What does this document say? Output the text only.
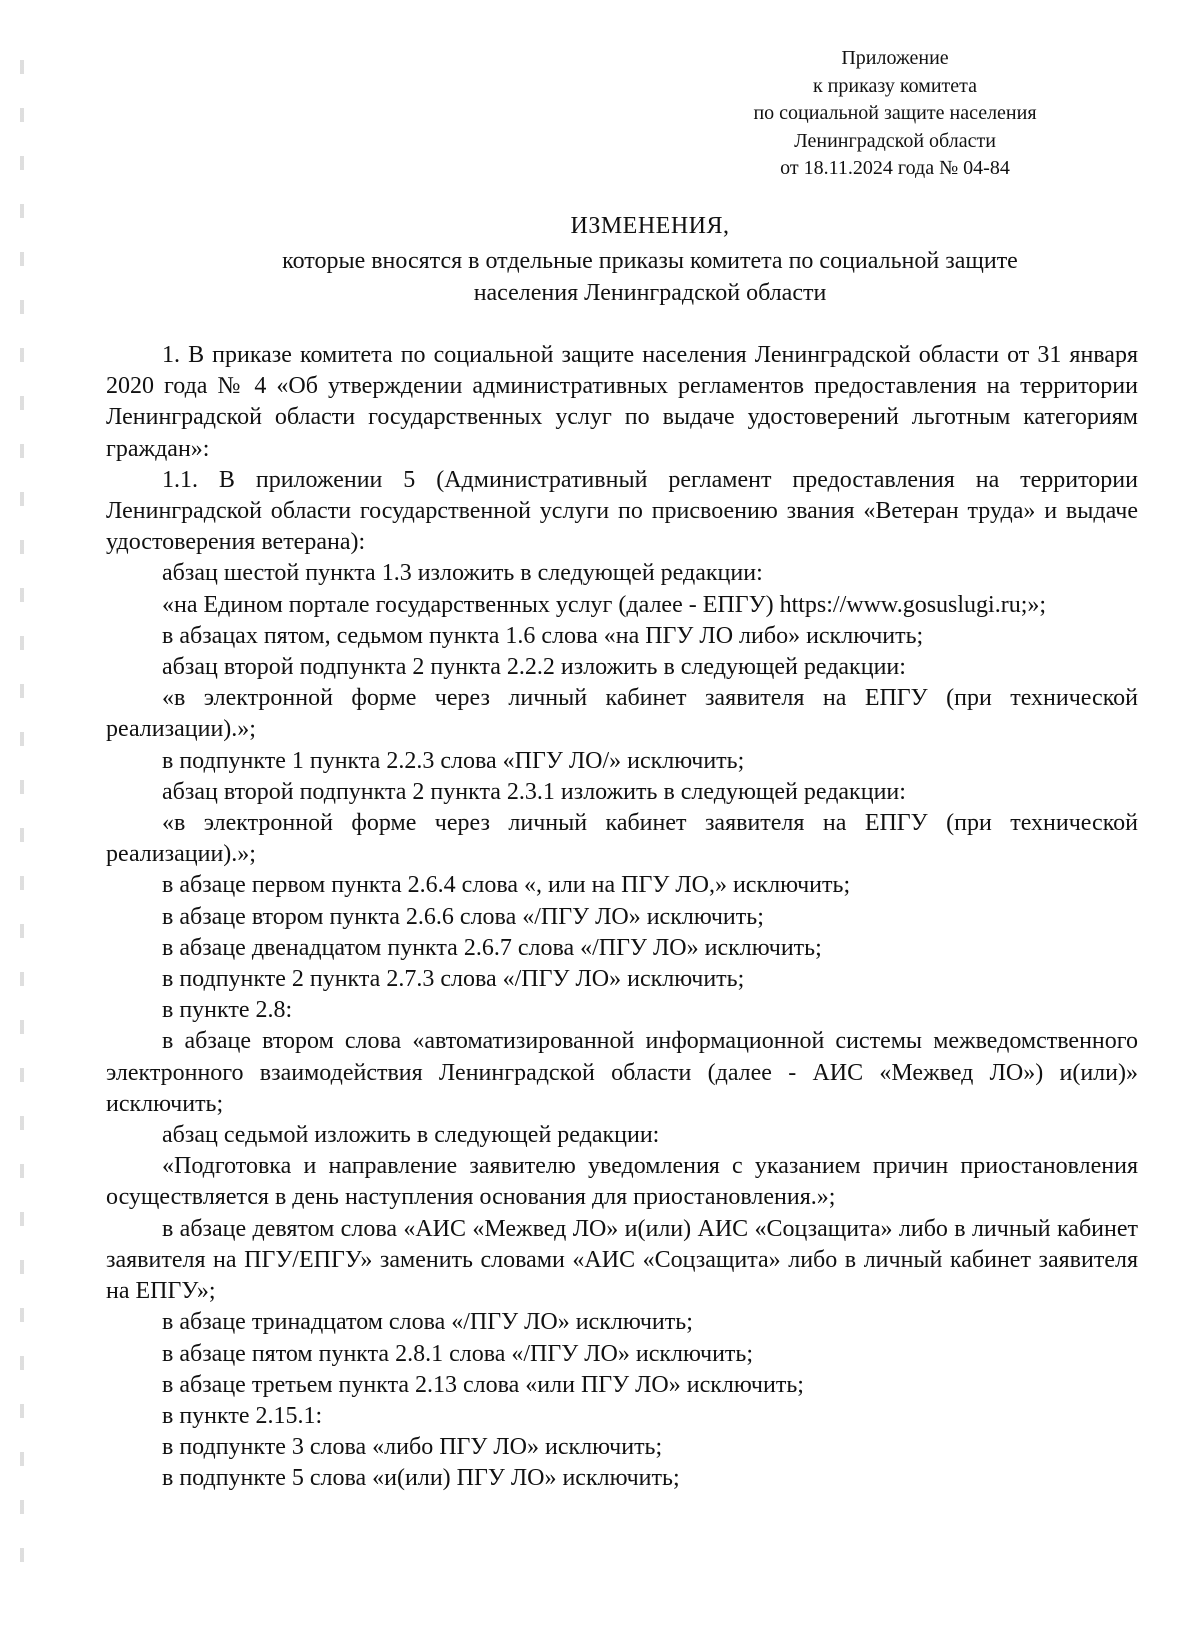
Приложение
к приказу комитета
по социальной защите населения
Ленинградской области
от 18.11.2024 года № 04-84
ИЗМЕНЕНИЯ,
которые вносятся в отдельные приказы комитета по социальной защите
населения Ленинградской области

1. В приказе комитета по социальной защите населения Ленинградской области от 31 января 2020 года № 4 «Об утверждении административных регламентов предоставления на территории Ленинградской области государственных услуг по выдаче удостоверений льготным категориям граждан»:

1.1. В приложении 5 (Административный регламент предоставления на территории Ленинградской области государственной услуги по присвоению звания «Ветеран труда» и выдаче удостоверения ветерана):

абзац шестой пункта 1.3 изложить в следующей редакции:

«на Едином портале государственных услуг (далее - ЕПГУ) https://www.gosuslugi.ru;»;

в абзацах пятом, седьмом пункта 1.6 слова «на ПГУ ЛО либо» исключить;

абзац второй подпункта 2 пункта 2.2.2 изложить в следующей редакции:

«в электронной форме через личный кабинет заявителя на ЕПГУ (при технической реализации).»;

в подпункте 1 пункта 2.2.3 слова «ПГУ ЛО/» исключить;

абзац второй подпункта 2 пункта 2.3.1 изложить в следующей редакции:

«в электронной форме через личный кабинет заявителя на ЕПГУ (при технической реализации).»;

в абзаце первом пункта 2.6.4 слова «, или на ПГУ ЛО,» исключить;

в абзаце втором пункта 2.6.6 слова «/ПГУ ЛО» исключить;

в абзаце двенадцатом пункта 2.6.7 слова «/ПГУ ЛО» исключить;

в подпункте 2 пункта 2.7.3 слова «/ПГУ ЛО» исключить;

в пункте 2.8:

в абзаце втором слова «автоматизированной информационной системы межведомственного электронного взаимодействия Ленинградской области (далее - АИС «Межвед ЛО») и(или)» исключить;

абзац седьмой изложить в следующей редакции:

«Подготовка и направление заявителю уведомления с указанием причин приостановления осуществляется в день наступления основания для приостановления.»;

в абзаце девятом слова «АИС «Межвед ЛО» и(или) АИС «Соцзащита» либо в личный кабинет заявителя на ПГУ/ЕПГУ» заменить словами «АИС «Соцзащита» либо в личный кабинет заявителя на ЕПГУ»;

в абзаце тринадцатом слова «/ПГУ ЛО» исключить;

в абзаце пятом пункта 2.8.1 слова «/ПГУ ЛО» исключить;

в абзаце третьем пункта 2.13 слова «или ПГУ ЛО» исключить;

в пункте 2.15.1:

в подпункте 3 слова «либо ПГУ ЛО» исключить;

в подпункте 5 слова «и(или) ПГУ ЛО» исключить;
